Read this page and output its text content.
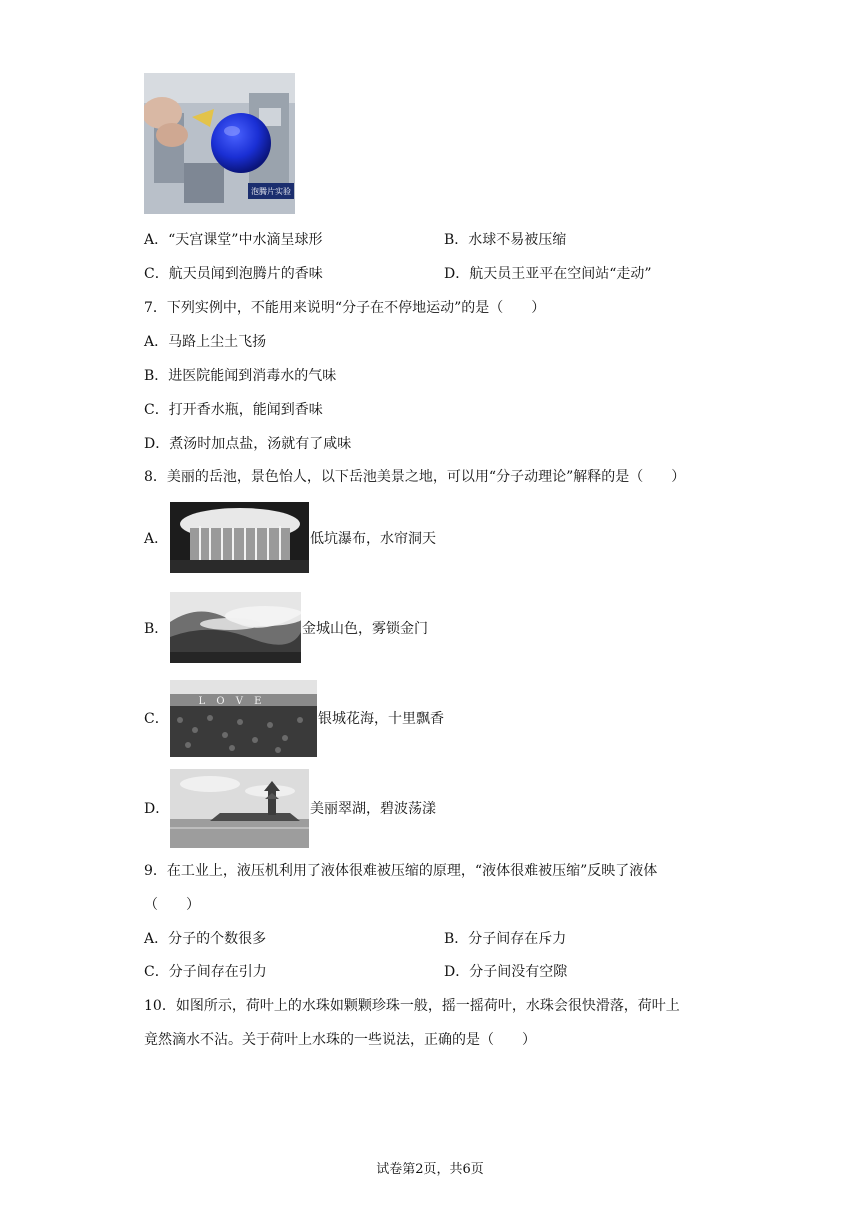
泡腾片实验
A．“天宫课堂”中水滴呈球形	B．水球不易被压缩
C．航天员闻到泡腾片的香味	D．航天员王亚平在空间站“走动”
7．下列实例中，不能用来说明“分子在不停地运动”的是（　　）
A．马路上尘土飞扬
B．进医院能闻到消毒水的气味
C．打开香水瓶，能闻到香味
D．煮汤时加点盐，汤就有了咸味
8．美丽的岳池，景色怡人，以下岳池美景之地，可以用“分子动理论”解释的是（　　）
A．	低坑瀑布，水帘洞天
B．	金城山色，雾锁金门
C．
L O V E
银城花海，十里飘香
D．	美丽翠湖，碧波荡漾
9．在工业上，液压机利用了液体很难被压缩的原理，“液体很难被压缩”反映了液体
（　　）
A．分子的个数很多	B．分子间存在斥力
C．分子间存在引力	D．分子间没有空隙
10．如图所示，荷叶上的水珠如颗颗珍珠一般，摇一摇荷叶，水珠会很快滑落，荷叶上
竟然滴水不沾。关于荷叶上水珠的一些说法，正确的是（　　）
试卷第2页，共6页
